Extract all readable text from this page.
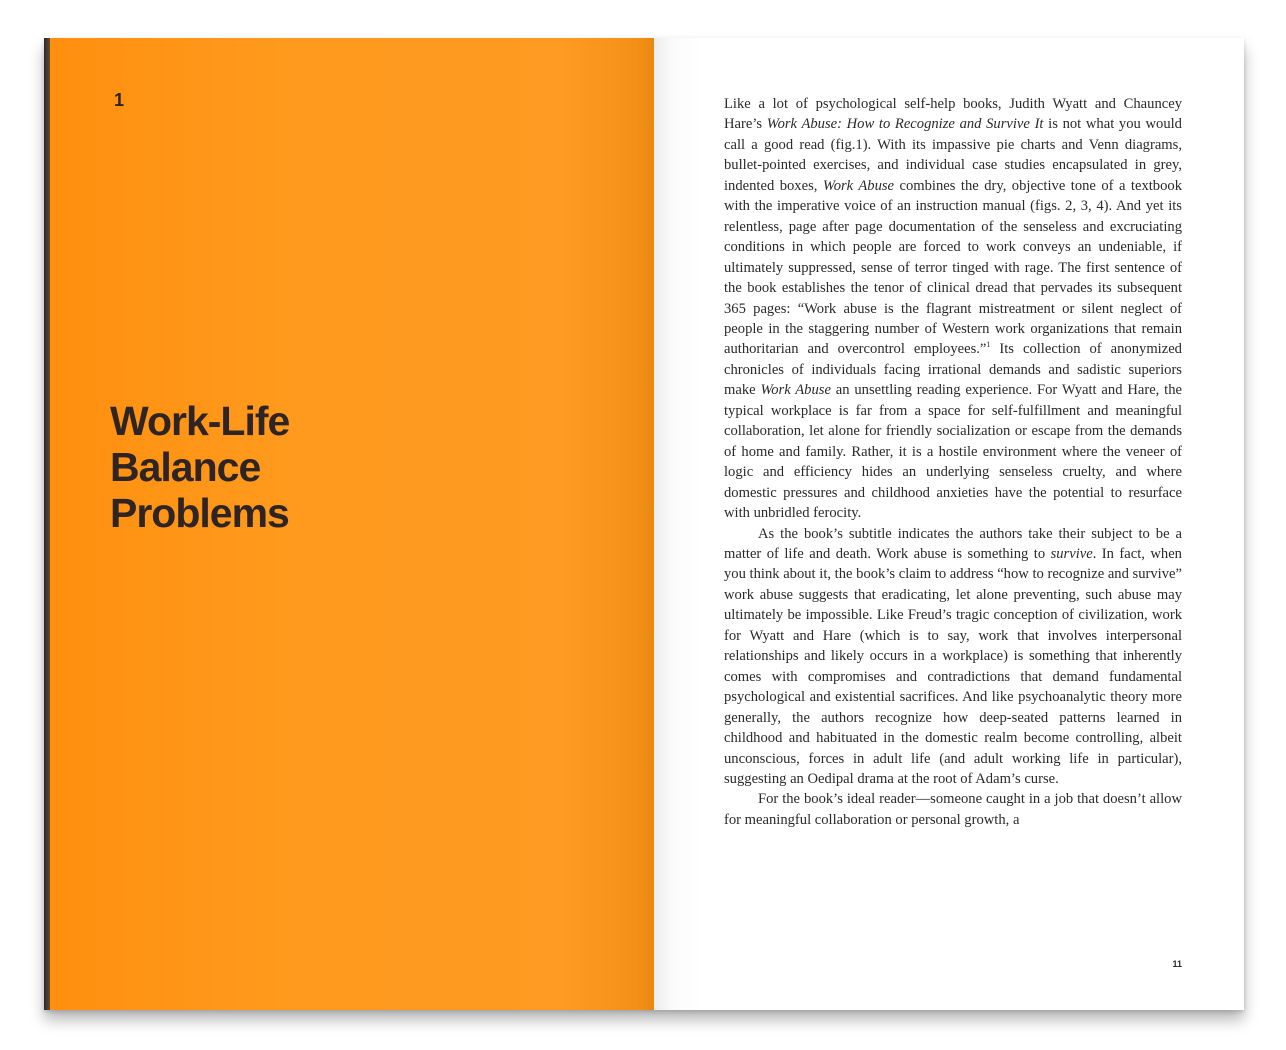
1
Work-Life
Balance
Problems

Like a lot of psychological self-help books, Judith Wyatt and Chauncey Hare’s Work Abuse: How to Recognize and Survive It is not what you would call a good read (fig.1). With its impassive pie charts and Venn diagrams, bullet-pointed exercises, and individual case studies encapsulated in grey, indented boxes, Work Abuse combines the dry, objective tone of a textbook with the imperative voice of an instruction manual (figs. 2, 3, 4). And yet its relentless, page after page documentation of the senseless and excruciating conditions in which people are forced to work conveys an undeniable, if ultimately suppressed, sense of terror tinged with rage. The first sentence of the book establishes the tenor of clinical dread that pervades its subsequent 365 pages: “Work abuse is the flagrant mistreatment or silent neglect of people in the staggering number of Western work organizations that remain authoritarian and overcontrol employees.”$^1$ Its collection of anonymized chronicles of individuals facing irrational demands and sadistic superiors make Work Abuse an unsettling reading experience. For Wyatt and Hare, the typical workplace is far from a space for self-fulfillment and meaningful collaboration, let alone for friendly socialization or escape from the demands of home and family. Rather, it is a hostile environment where the veneer of logic and efficiency hides an underlying senseless cruelty, and where domestic pressures and childhood anxieties have the potential to resurface with unbridled ferocity.

As the book’s subtitle indicates the authors take their subject to be a matter of life and death. Work abuse is something to survive. In fact, when you think about it, the book’s claim to address “how to recognize and survive” work abuse suggests that eradicating, let alone preventing, such abuse may ultimately be impossible. Like Freud’s tragic conception of civilization, work for Wyatt and Hare (which is to say, work that involves interpersonal relationships and likely occurs in a workplace) is something that inherently comes with compromises and contradictions that demand fundamental psychological and existential sacrifices. And like psychoanalytic theory more generally, the authors recognize how deep-seated patterns learned in childhood and habituated in the domestic realm become controlling, albeit unconscious, forces in adult life (and adult working life in particular), suggesting an Oedipal drama at the root of Adam’s curse.

For the book’s ideal reader—someone caught in a job that doesn’t allow for meaningful collaboration or personal growth, a

11
